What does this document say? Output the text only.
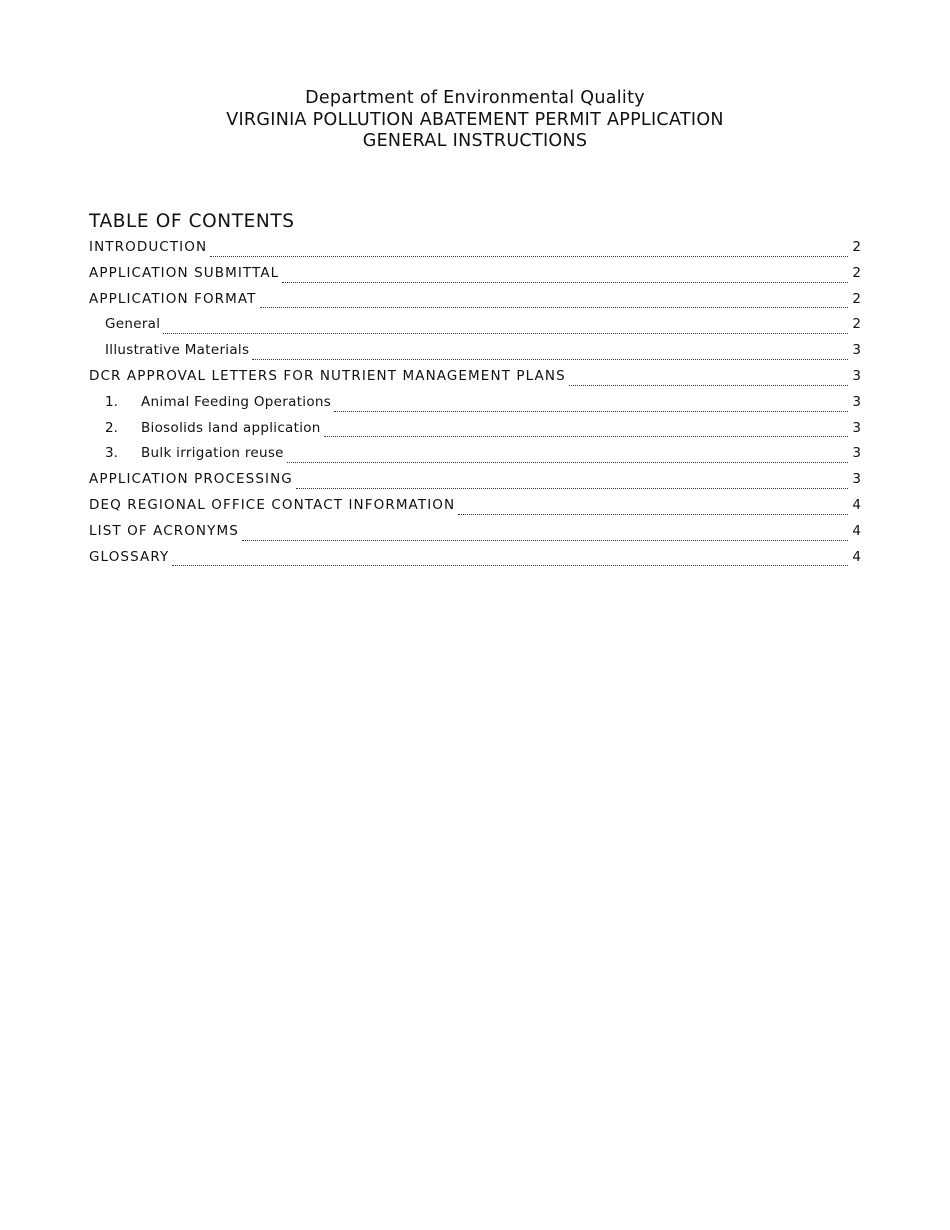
Department of Environmental Quality
VIRGINIA POLLUTION ABATEMENT PERMIT APPLICATION
GENERAL INSTRUCTIONS
TABLE OF CONTENTS
INTRODUCTION	2
APPLICATION SUBMITTAL	2
APPLICATION FORMAT	2
General	2
Illustrative Materials	3
DCR APPROVAL LETTERS FOR NUTRIENT MANAGEMENT PLANS	3
1.	Animal Feeding Operations	3
2.	Biosolids land application	3
3.	Bulk irrigation reuse	3
APPLICATION PROCESSING	3
DEQ REGIONAL OFFICE CONTACT INFORMATION	4
LIST OF ACRONYMS	4
GLOSSARY	4
